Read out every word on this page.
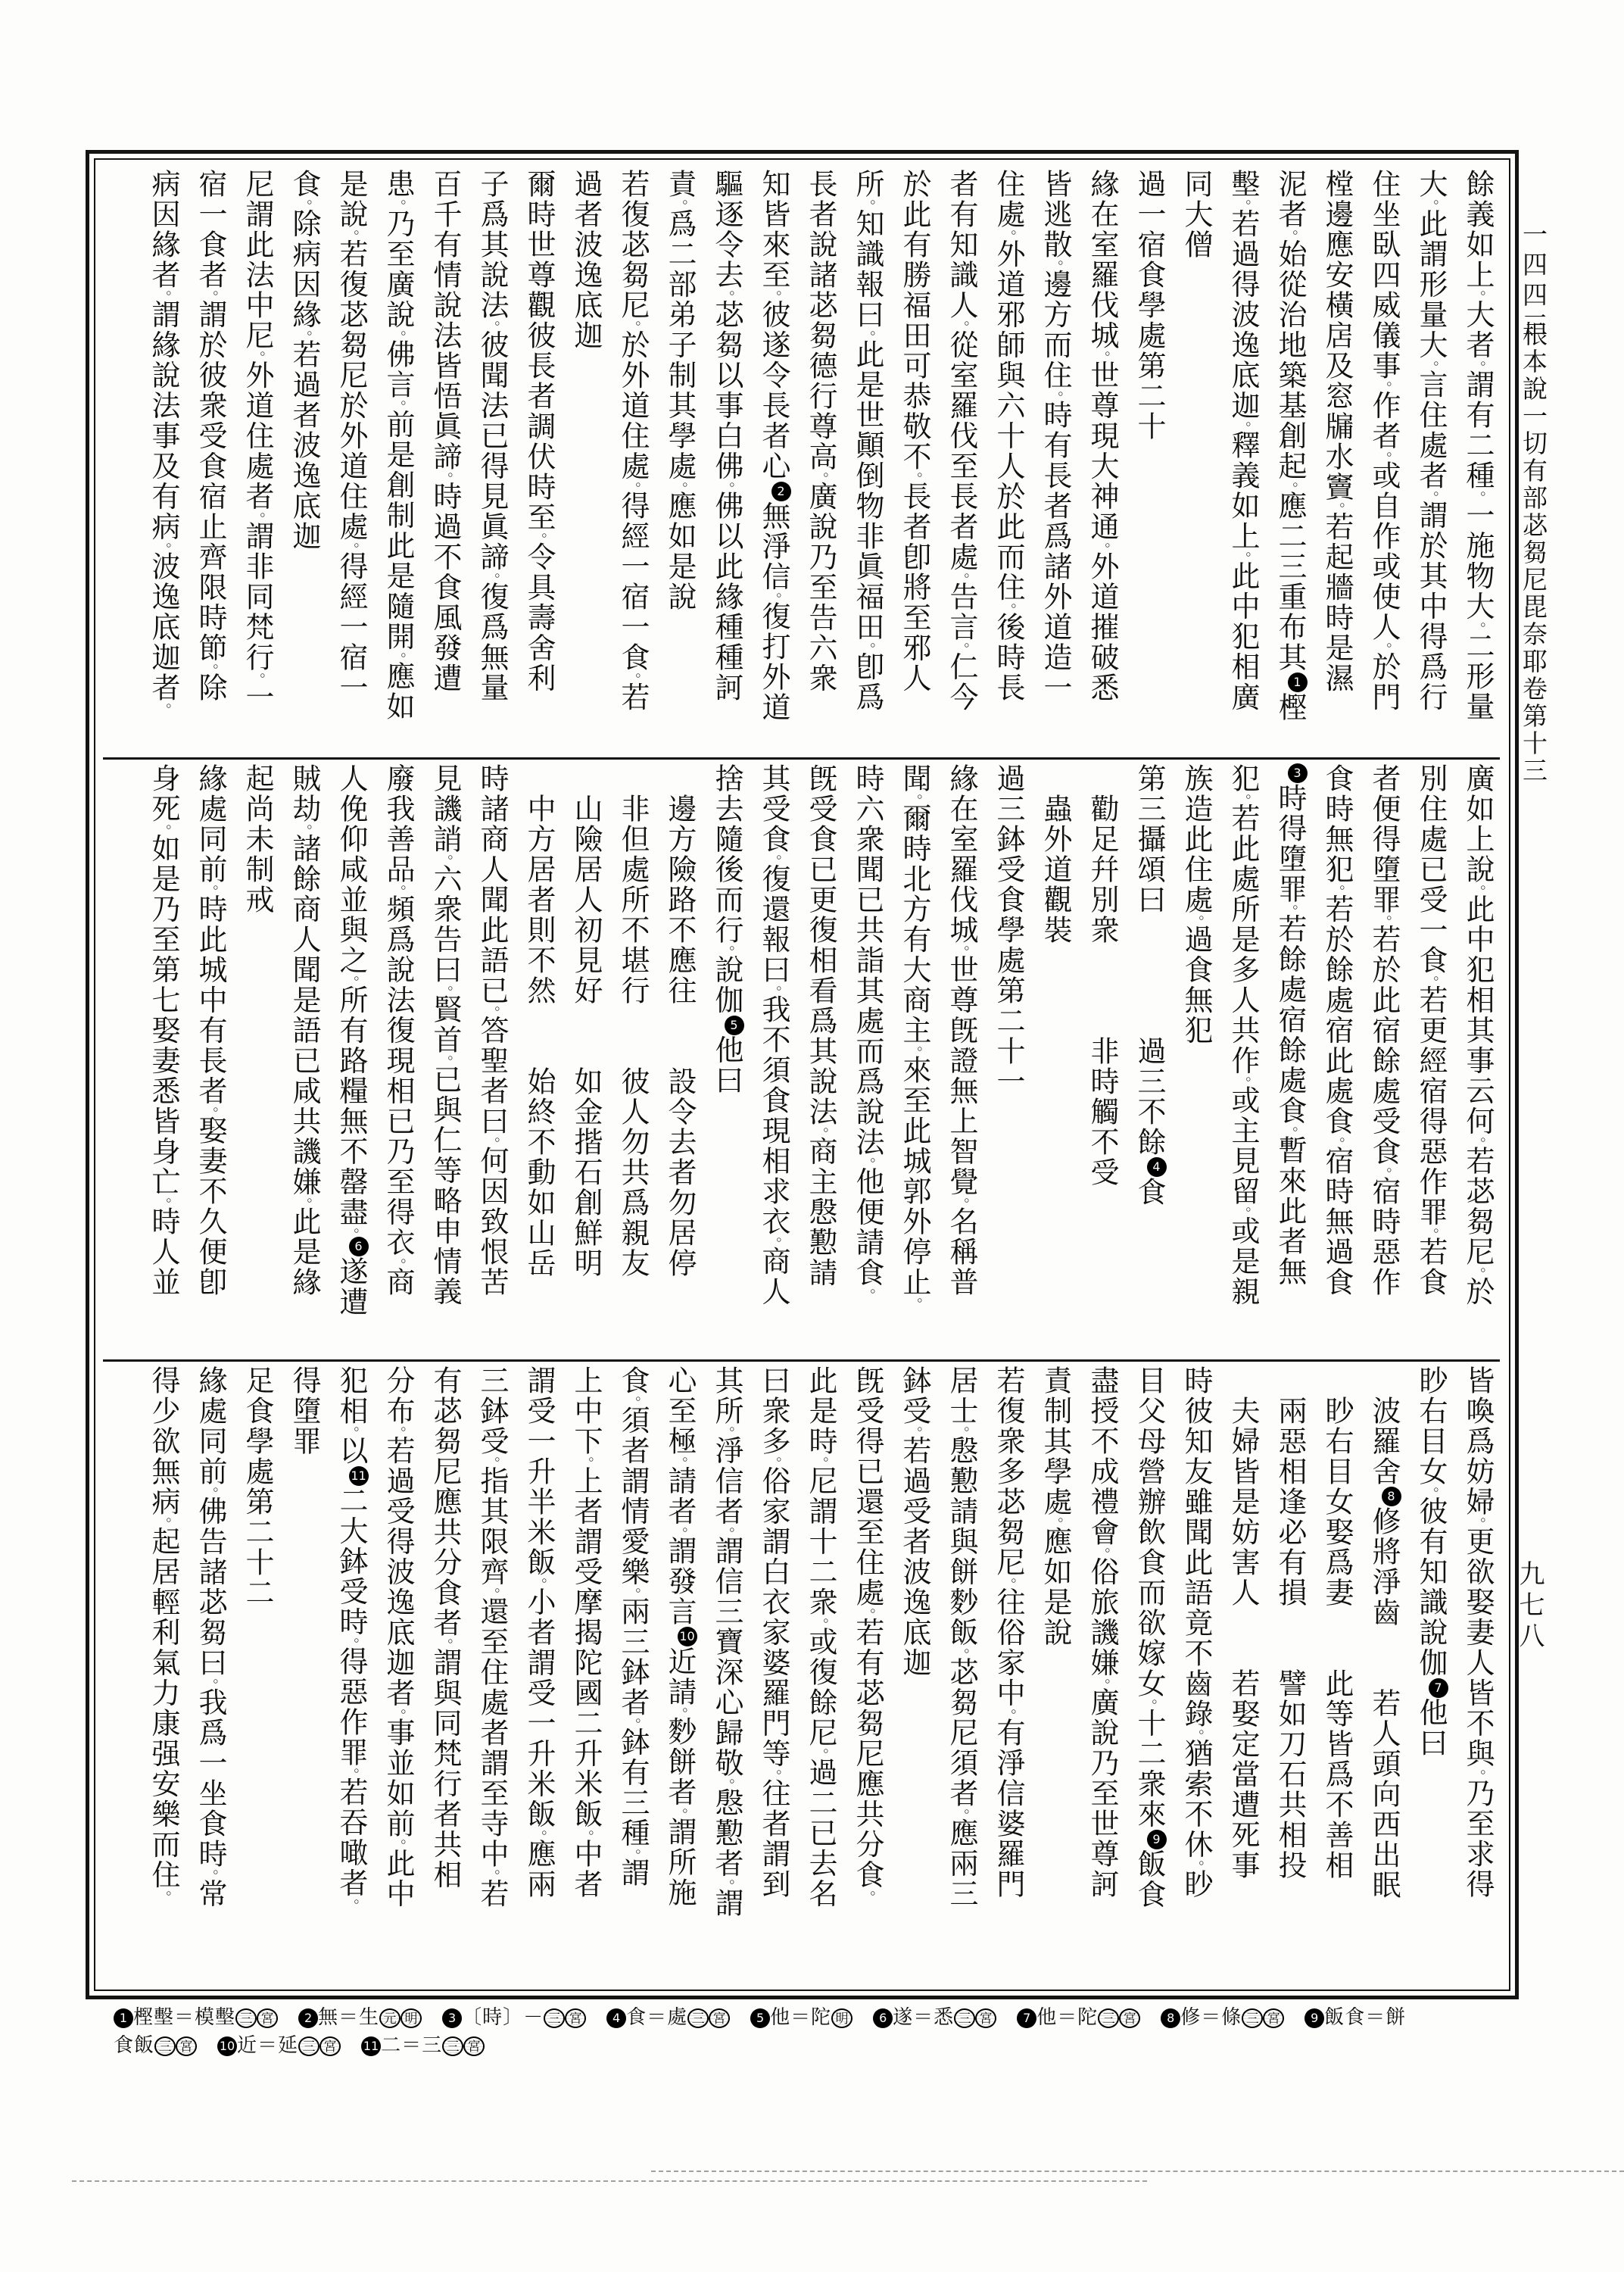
餘義如上。大者。謂有二種。一施物大。二形量
大。此謂形量大。言住處者。謂於其中得爲行
住坐臥四威儀事。作者。或自作或使人。於門
樘邊應安橫扂及窓牖水竇。若起牆時是濕
泥者。始從治地築基創起。應二三重布其1樫
墼。若過得波逸底迦。釋義如上。此中犯相廣
同大僧
過一宿食學處第二十
緣在室羅伐城。世尊現大神通。外道摧破悉
皆逃散。邊方而住。時有長者爲諸外道造一
住處。外道邪師與六十人於此而住。後時長
者有知識人。從室羅伐至長者處。告言。仁今
於此有勝福田可恭敬不。長者卽將至邪人
所。知識報曰。此是世顚倒物非眞福田。卽爲
長者說諸苾芻德行尊高。廣說乃至告六衆
知皆來至。彼遂令長者心2無淨信。復打外道
驅逐令去。苾芻以事白佛。佛以此緣種種訶
責。爲二部弟子制其學處。應如是說
若復苾芻尼。於外道住處。得經一宿一食。若
過者波逸底迦
爾時世尊觀彼長者調伏時至。令具壽舍利
子爲其說法。彼聞法已得見眞諦。復爲無量
百千有情說法皆悟眞諦。時過不食風發遭
患。乃至廣說。佛言。前是創制此是隨開。應如
是說。若復苾芻尼於外道住處。得經一宿一
食。除病因緣。若過者波逸底迦
尼謂此法中尼。外道住處者。謂非同梵行。一
宿一食者。謂於彼衆受食宿止齊限時節。除
病因緣者。謂緣說法事及有病。波逸底迦者。
廣如上說。此中犯相其事云何。若苾芻尼。於
別住處已受一食。若更經宿得惡作罪。若食
者便得墮罪。若於此宿餘處受食。宿時惡作
食時無犯。若於餘處宿此處食。宿時無過食
3時得墮罪。若餘處宿餘處食。暫來此者無
犯。若此處所是多人共作。或主見留。或是親
族造此住處。過食無犯
第三攝頌曰　　　　過三不餘4食
　勸足幷別衆　　　非時觸不受
　蟲外道觀裝
過三鉢受食學處第二十一
緣在室羅伐城。世尊旣證無上智覺。名稱普
聞。爾時北方有大商主。來至此城郭外停止。
時六衆聞已共詣其處而爲說法。他便請食。
旣受食已更復相看爲其說法。商主慇懃請
其受食。復還報曰。我不須食現相求衣。商人
捨去隨後而行。說伽5他曰
　邊方險路不應往　　設令去者勿居停
　非但處所不堪行　　彼人勿共爲親友
　山險居人初見好　　如金揩石創鮮明
　中方居者則不然　　始終不動如山岳
時諸商人聞此語已。答聖者曰。何因致恨苦
見譏誚。六衆告曰。賢首。已與仁等略申情義
廢我善品。頻爲說法復現相已乃至得衣。商
人俛仰咸並與之。所有路糧無不罄盡。6遂遭
賊劫。諸餘商人聞是語已咸共譏嫌。此是緣
起尚未制戒
緣處同前。時此城中有長者。娶妻不久便卽
身死。如是乃至第七娶妻悉皆身亡。時人並
皆喚爲妨婦。更欲娶妻人皆不與。乃至求得
眇右目女。彼有知識說伽7他曰
　波羅舍8修將淨齒　　若人頭向西出眠
　眇右目女娶爲妻　　此等皆爲不善相
　兩惡相逢必有損　　譬如刀石共相投
　夫婦皆是妨害人　　若娶定當遭死事
時彼知友雖聞此語竟不齒錄。猶索不休。眇
目父母營辦飲食而欲嫁女。十二衆來9飯食
盡授不成禮會。俗旅譏嫌。廣說乃至世尊訶
責制其學處。應如是說
若復衆多苾芻尼。往俗家中。有淨信婆羅門
居士。慇懃請與餅麨飯。苾芻尼須者。應兩三
鉢受。若過受者波逸底迦
旣受得已還至住處。若有苾芻尼應共分食。
此是時。尼謂十二衆。或復餘尼。過二已去名
曰衆多。俗家謂白衣家婆羅門等。往者謂到
其所。淨信者。謂信三寶深心歸敬。慇懃者。謂
心至極。請者。謂發言10近請。麨餅者。謂所施
食。須者謂情愛樂。兩三鉢者。鉢有三種。謂
上中下。上者謂受摩揭陀國二升米飯。中者
謂受一升半米飯。小者謂受一升米飯。應兩
三鉢受。指其限齊。還至住處者謂至寺中。若
有苾芻尼應共分食者。謂與同梵行者共相
分布。若過受得波逸底迦者。事並如前。此中
犯相。以11二大鉢受時。得惡作罪。若吞噉者。
得墮罪
足食學處第二十二
緣處同前。佛告諸苾芻曰。我爲一坐食時。常
得少欲無病。起居輕利氣力康强安樂而住。
一四四三
根本說一切有部苾芻尼毘奈耶卷第十三
九七八
1 樫墼＝模墼 三 宮　	2 無＝生 元 明　	3 〔時〕－ 三 宮　	4 食＝處 三 宮　	5 他＝陀 明　	6 遂＝悉 三 宮　	7 他＝陀 三 宮　	8 修＝條 三 宮　	9 飯食＝餅
食飯 三 宮　 10 近＝延 三 宮　 11 二＝三 三 宮
